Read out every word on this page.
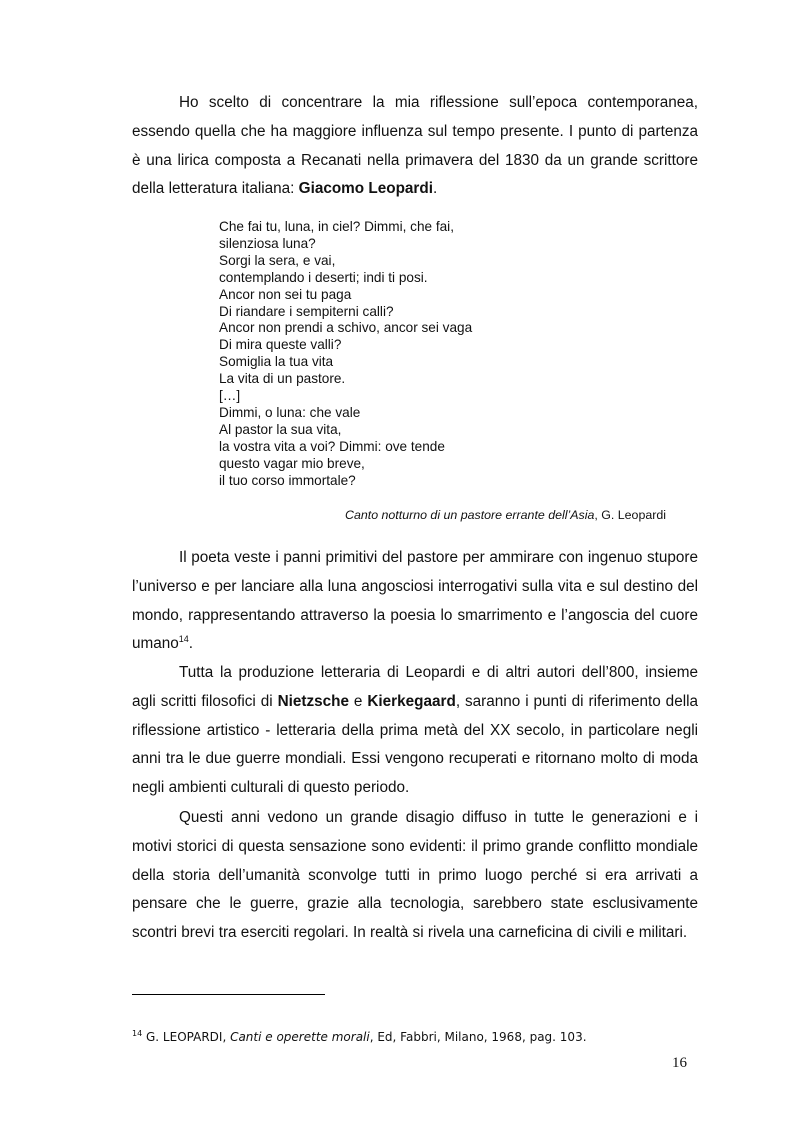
Ho scelto di concentrare la mia riflessione sull’epoca contemporanea, essendo quella che ha maggiore influenza sul tempo presente. I punto di partenza è una lirica composta a Recanati nella primavera del 1830 da un grande scrittore della letteratura italiana: Giacomo Leopardi.

Che fai tu, luna, in ciel? Dimmi, che fai,
silenziosa luna?
Sorgi la sera, e vai,
contemplando i deserti; indi ti posi.
Ancor non sei tu paga
Di riandare i sempiterni calli?
Ancor non prendi a schivo, ancor sei vaga
Di mira queste valli?
Somiglia la tua vita
La vita di un pastore.
[…]
Dimmi, o luna: che vale
Al pastor la sua vita,
la vostra vita a voi? Dimmi: ove tende
questo vagar mio breve,
il tuo corso immortale?
Canto notturno di un pastore errante dell’Asia, G. Leopardi

Il poeta veste i panni primitivi del pastore per ammirare con ingenuo stupore l’universo e per lanciare alla luna angosciosi interrogativi sulla vita e sul destino del mondo, rappresentando attraverso la poesia lo smarrimento e l’angoscia del cuore umano$^{14}$.

Tutta la produzione letteraria di Leopardi e di altri autori dell’800, insieme agli scritti filosofici di Nietzsche e Kierkegaard, saranno i punti di riferimento della riflessione artistico - letteraria della prima metà del XX secolo, in particolare negli anni tra le due guerre mondiali. Essi vengono recuperati e ritornano molto di moda negli ambienti culturali di questo periodo.

Questi anni vedono un grande disagio diffuso in tutte le generazioni e i motivi storici di questa sensazione sono evidenti: il primo grande conflitto mondiale della storia dell’umanità sconvolge tutti in primo luogo perché si era arrivati a pensare che le guerre, grazie alla tecnologia, sarebbero state esclusivamente scontri brevi tra eserciti regolari. In realtà si rivela una carneficina di civili e militari.

$^{14}$ G. LEOPARDI, Canti e operette morali, Ed, Fabbri, Milano, 1968, pag. 103.
16
